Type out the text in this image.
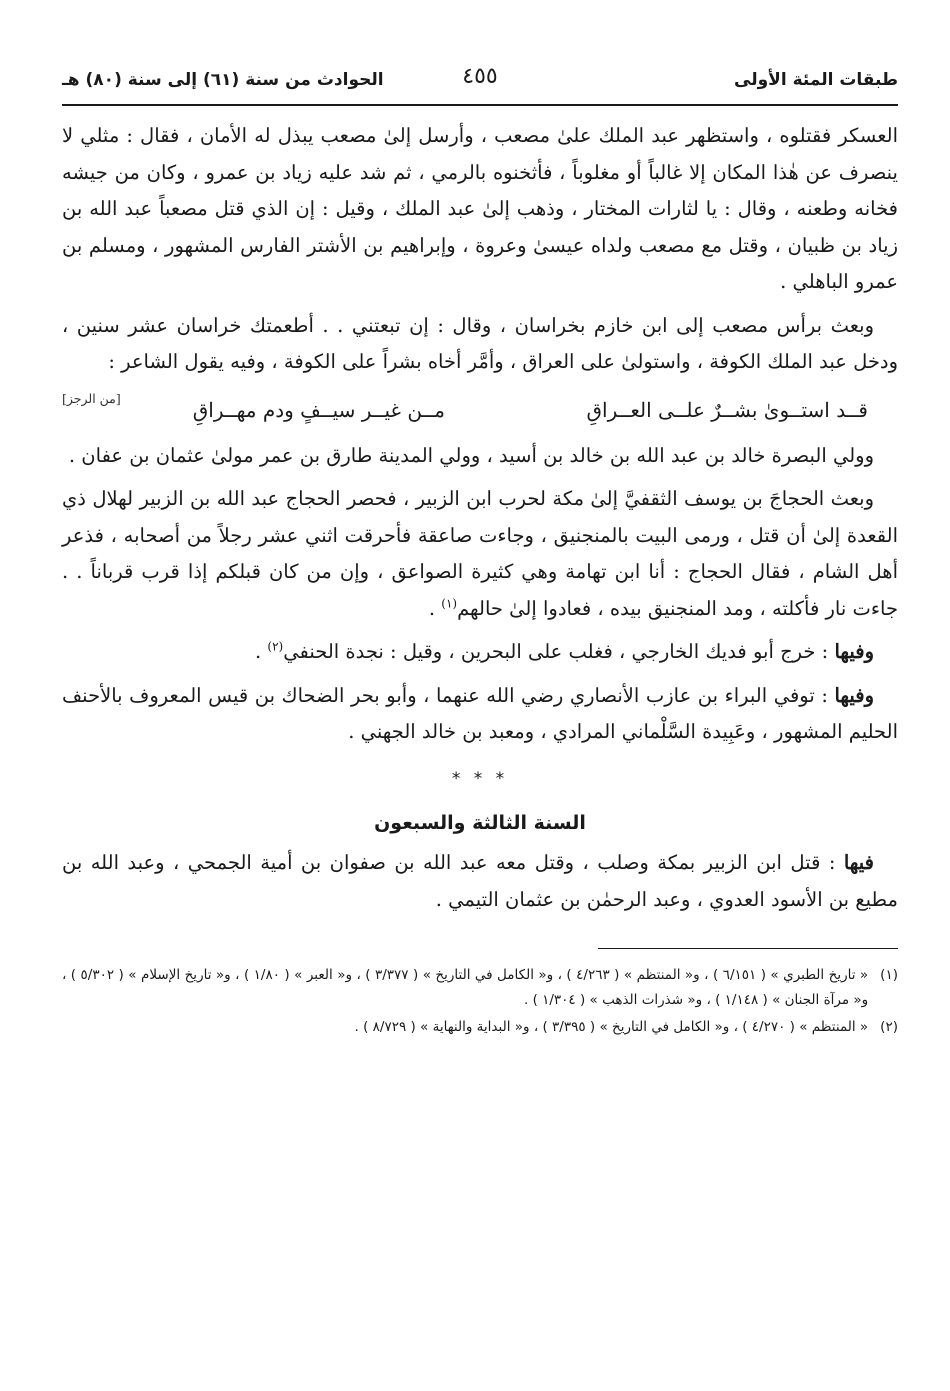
طبقات المئة الأولى
٤٥٥
الحوادث من سنة (٦١) إلى سنة (٨٠) هـ

العسكر فقتلوه ، واستظهر عبد الملك علىٰ مصعب ، وأرسل إلىٰ مصعب يبذل له الأمان ، فقال : مثلي لا ينصرف عن هٰذا المكان إلا غالباً أو مغلوباً ، فأثخنوه بالرمي ، ثم شد عليه زياد بن عمرو ، وكان من جيشه فخانه وطعنه ، وقال : يا لثارات المختار ، وذهب إلىٰ عبد الملك ، وقيل : إن الذي قتل مصعباً عبد الله بن زياد بن ظبيان ، وقتل مع مصعب ولداه عيسىٰ وعروة ، وإبراهيم بن الأشتر الفارس المشهور ، ومسلم بن عمرو الباهلي .

وبعث برأس مصعب إلى ابن خازم بخراسان ، وقال : إن تبعتني . . أطعمتك خراسان عشر سنين ، ودخل عبد الملك الكوفة ، واستولىٰ على العراق ، وأمَّر أخاه بشراً على الكوفة ، وفيه يقول الشاعر :
[من الرجز]	قــد استــوىٰ بشــرٌ علــى العــراقِ
مــن غيــر سيــفٍ ودم مهــراقِ

وولي البصرة خالد بن عبد الله بن خالد بن أسيد ، وولي المدينة طارق بن عمر مولىٰ عثمان بن عفان .

وبعث الحجاجَ بن يوسف الثقفيَّ إلىٰ مكة لحرب ابن الزبير ، فحصر الحجاج عبد الله بن الزبير لهلال ذي القعدة إلىٰ أن قتل ، ورمى البيت بالمنجنيق ، وجاءت صاعقة فأحرقت اثني عشر رجلاً من أصحابه ، فذعر أهل الشام ، فقال الحجاج : أنا ابن تهامة وهي كثيرة الصواعق ، وإن من كان قبلكم إذا قرب قرباناً . . جاءت نار فأكلته ، ومد المنجنيق بيده ، فعادوا إلىٰ حالهم$^{(١)}$ .

وفيها : خرج أبو فديك الخارجي ، فغلب على البحرين ، وقيل : نجدة الحنفي$^{(٢)}$ .

وفيها : توفي البراء بن عازب الأنصاري رضي الله عنهما ، وأبو بحر الضحاك بن قيس المعروف بالأحنف الحليم المشهور ، وعَبِيدة السَّلْماني المرادي ، ومعبد بن خالد الجهني .

* * *
السنة الثالثة والسبعون

فيها : قتل ابن الزبير بمكة وصلب ، وقتل معه عبد الله بن صفوان بن أمية الجمحي ، وعبد الله بن مطيع بن الأسود العدوي ، وعبد الرحمٰن بن عثمان التيمي .

(١)
« تاريخ الطبري » ( ٦/١٥١ ) ، و« المنتظم » ( ٤/٢٦٣ ) ، و« الكامل في التاريخ » ( ٣/٣٧٧ ) ، و« العبر » ( ١/٨٠ ) ، و« تاريخ الإسلام » ( ٥/٣٠٢ ) ، و« مرآة الجنان » ( ١/١٤٨ ) ، و« شذرات الذهب » ( ١/٣٠٤ ) .
(٢)
« المنتظم » ( ٤/٢٧٠ ) ، و« الكامل في التاريخ » ( ٣/٣٩٥ ) ، و« البداية والنهاية » ( ٨/٧٢٩ ) .
